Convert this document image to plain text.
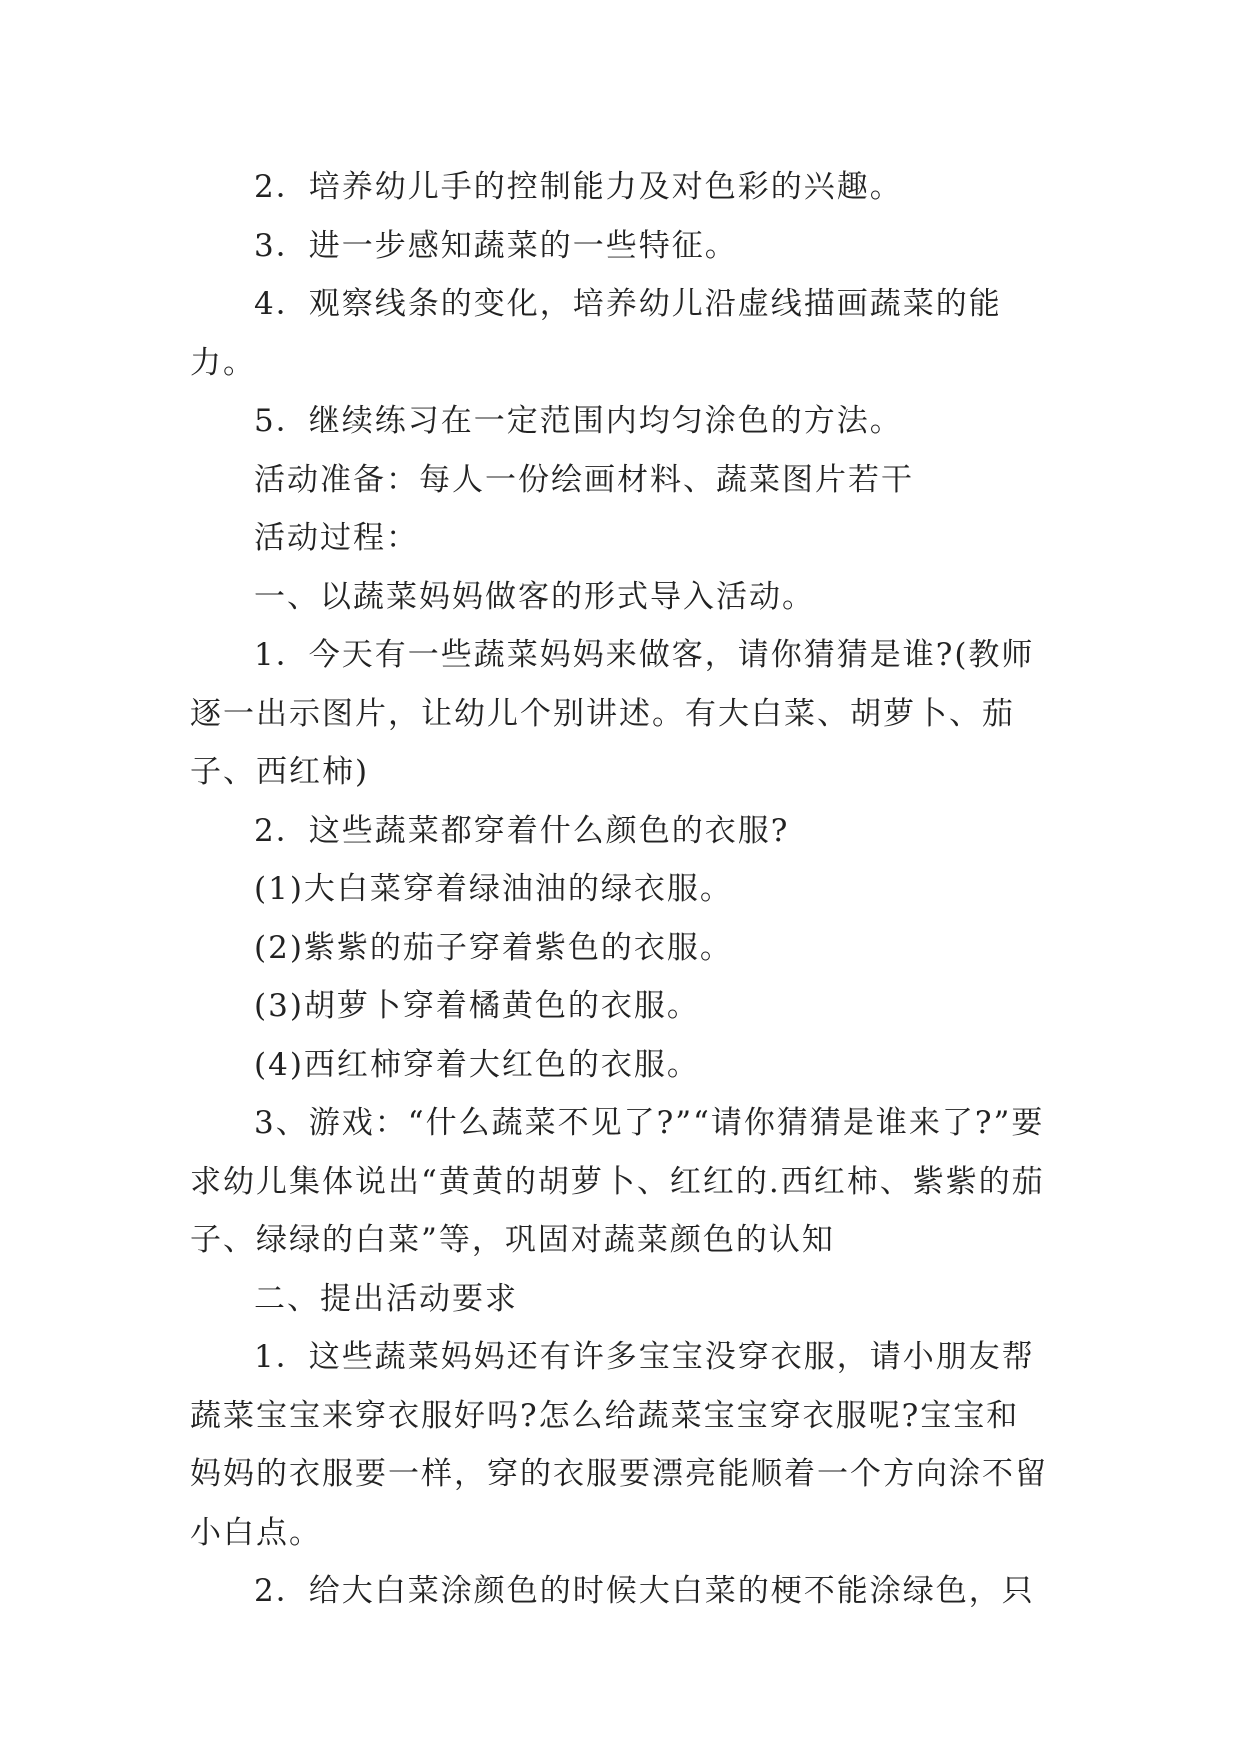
2．培养幼儿手的控制能力及对色彩的兴趣。

3．进一步感知蔬菜的一些特征。

4．观察线条的变化，培养幼儿沿虚线描画蔬菜的能力。

5．继续练习在一定范围内均匀涂色的方法。

活动准备：每人一份绘画材料、蔬菜图片若干

活动过程：

一、以蔬菜妈妈做客的形式导入活动。

1．今天有一些蔬菜妈妈来做客，请你猜猜是谁?(教师逐一出示图片，让幼儿个别讲述。有大白菜、胡萝卜、茄子、西红柿)

2．这些蔬菜都穿着什么颜色的衣服?

(1)大白菜穿着绿油油的绿衣服。

(2)紫紫的茄子穿着紫色的衣服。

(3)胡萝卜穿着橘黄色的衣服。

(4)西红柿穿着大红色的衣服。

3、游戏：“什么蔬菜不见了?”“请你猜猜是谁来了?”要求幼儿集体说出“黄黄的胡萝卜、红红的.西红柿、紫紫的茄子、绿绿的白菜”等，巩固对蔬菜颜色的认知

二、提出活动要求

1．这些蔬菜妈妈还有许多宝宝没穿衣服，请小朋友帮蔬菜宝宝来穿衣服好吗?怎么给蔬菜宝宝穿衣服呢?宝宝和妈妈的衣服要一样，穿的衣服要漂亮能顺着一个方向涂不留小白点。

2．给大白菜涂颜色的时候大白菜的梗不能涂绿色，只
